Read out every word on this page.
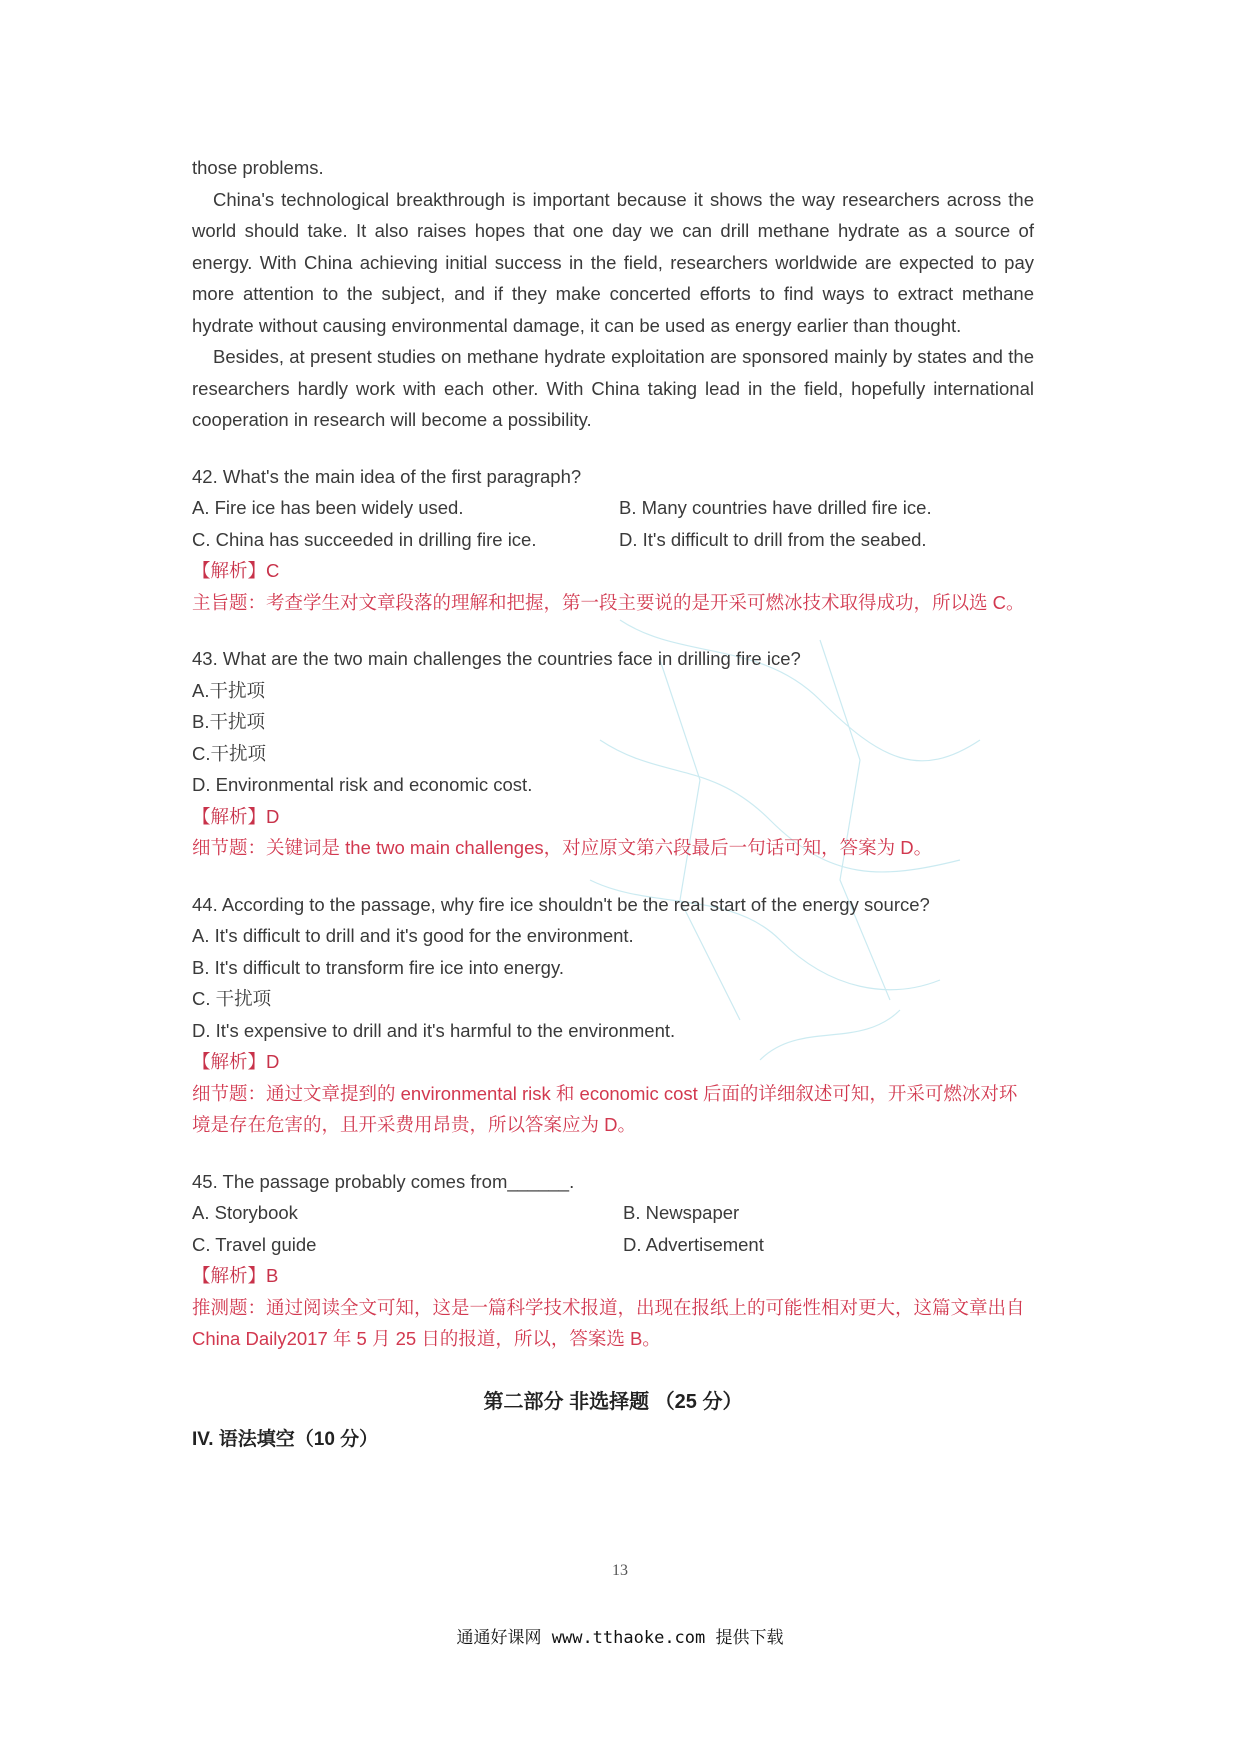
those problems.

China's technological breakthrough is important because it shows the way researchers across the world should take. It also raises hopes that one day we can drill methane hydrate as a source of energy. With China achieving initial success in the field, researchers worldwide are expected to pay more attention to the subject, and if they make concerted efforts to find ways to extract methane hydrate without causing environmental damage, it can be used as energy earlier than thought.

Besides, at present studies on methane hydrate exploitation are sponsored mainly by states and the researchers hardly work with each other. With China taking lead in the field, hopefully international cooperation in research will become a possibility.

42. What's the main idea of the first paragraph?

A. Fire ice has been widely used.	B. Many countries have drilled fire ice.

C. China has succeeded in drilling fire ice.	D. It's difficult to drill from the seabed.

【解析】C

主旨题：考查学生对文章段落的理解和把握，第一段主要说的是开采可燃冰技术取得成功，所以选 C。

43. What are the two main challenges the countries face in drilling fire ice?

A.干扰项

B.干扰项

C.干扰项

D. Environmental risk and economic cost.

【解析】D

细节题：关键词是 the two main challenges，对应原文第六段最后一句话可知，答案为 D。

44. According to the passage, why fire ice shouldn't be the real start of the energy source?

A. It's difficult to drill and it's good for the environment.

B. It's difficult to transform fire ice into energy.

C. 干扰项

D. It's expensive to drill and it's harmful to the environment.

【解析】D

细节题：通过文章提到的 environmental risk 和 economic cost 后面的详细叙述可知，开采可燃冰对环境是存在危害的，且开采费用昂贵，所以答案应为 D。

45. The passage probably comes from______.

A. Storybook	B. Newspaper

C. Travel guide	D. Advertisement

【解析】B

推测题：通过阅读全文可知，这是一篇科学技术报道，出现在报纸上的可能性相对更大，这篇文章出自 China Daily2017 年 5 月 25 日的报道，所以，答案选 B。

第二部分 非选择题 （25 分）

IV. 语法填空（10 分）

13
通通好课网 www.tthaoke.com 提供下载
